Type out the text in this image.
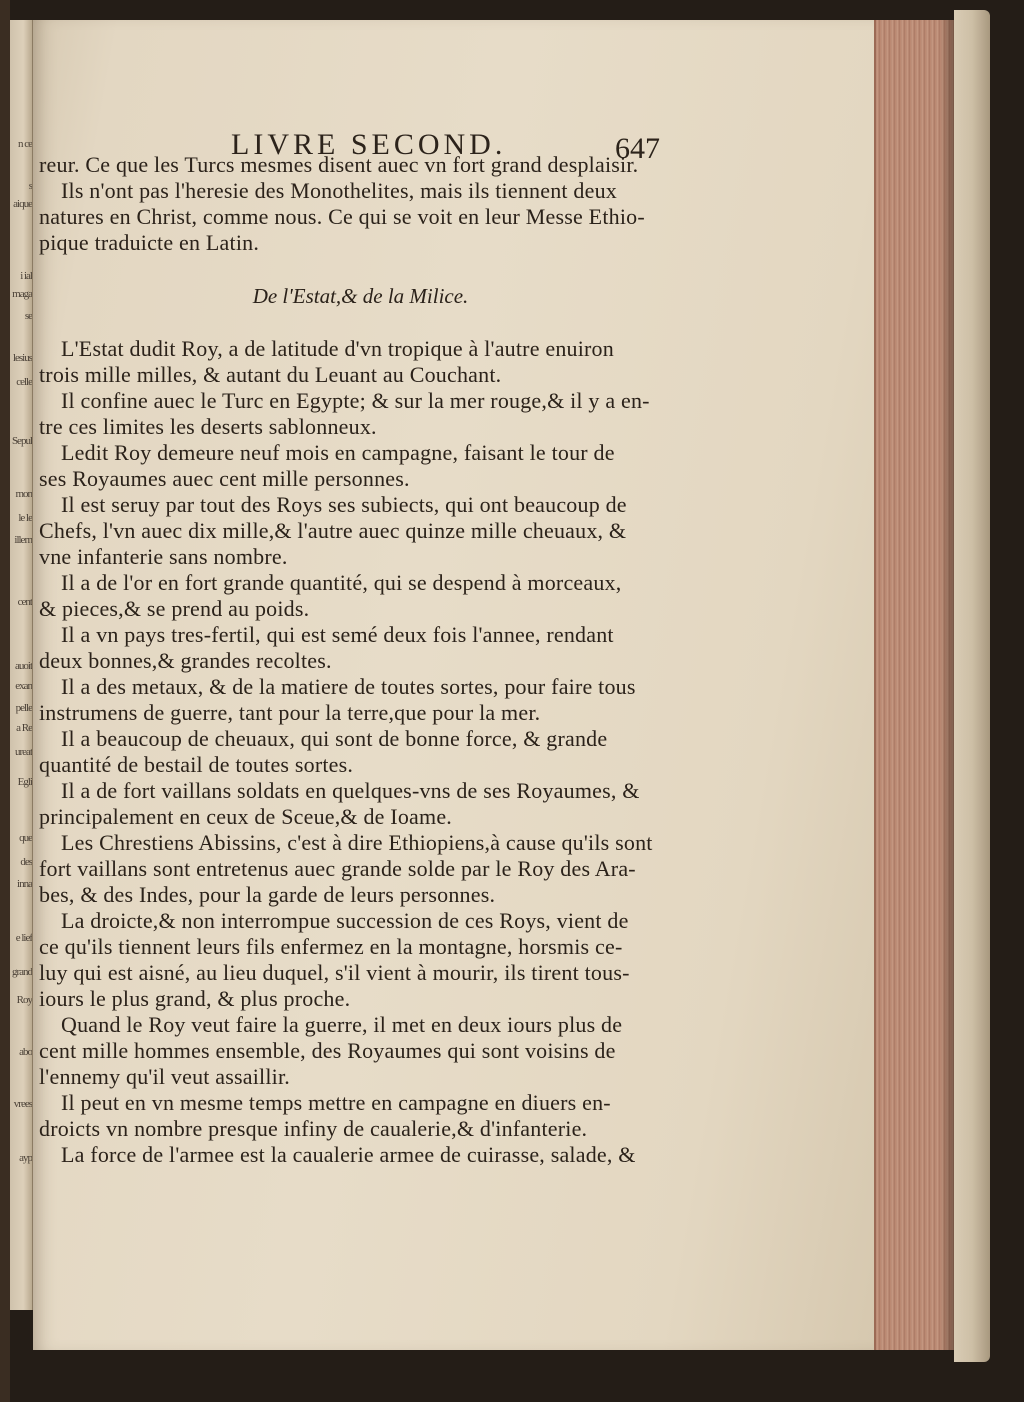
n ce
s
aique
i ial
maga
se
lesius
celle
Sepul
mon
le le
illem
cent
auoit
exan
pelle
a Re
ureat
Egli
que
des
inna
e lief
grand
Roy
abo
vrees
ayp
LIVRE SECOND.	647
reur. Ce que les Turcs mesmes disent auec vn fort grand desplaisir.
Ils n'ont pas l'heresie des Monothelites, mais ils tiennent deux
natures en Christ, comme nous. Ce qui se voit en leur Messe Ethio-
pique traduicte en Latin.
De l'Estat,& de la Milice.
L'Estat dudit Roy, a de latitude d'vn tropique à l'autre enuiron
trois mille milles, & autant du Leuant au Couchant.
Il confine auec le Turc en Egypte; & sur la mer rouge,& il y a en-
tre ces limites les deserts sablonneux.
Ledit Roy demeure neuf mois en campagne, faisant le tour de
ses Royaumes auec cent mille personnes.
Il est seruy par tout des Roys ses subiects, qui ont beaucoup de
Chefs, l'vn auec dix mille,& l'autre auec quinze mille cheuaux, &
vne infanterie sans nombre.
Il a de l'or en fort grande quantité, qui se despend à morceaux,
& pieces,& se prend au poids.
Il a vn pays tres-fertil, qui est semé deux fois l'annee, rendant
deux bonnes,& grandes recoltes.
Il a des metaux, & de la matiere de toutes sortes, pour faire tous
instrumens de guerre, tant pour la terre,que pour la mer.
Il a beaucoup de cheuaux, qui sont de bonne force, & grande
quantité de bestail de toutes sortes.
Il a de fort vaillans soldats en quelques-vns de ses Royaumes, &
principalement en ceux de Sceue,& de Ioame.
Les Chrestiens Abissins, c'est à dire Ethiopiens,à cause qu'ils sont
fort vaillans sont entretenus auec grande solde par le Roy des Ara-
bes, & des Indes, pour la garde de leurs personnes.
La droicte,& non interrompue succession de ces Roys, vient de
ce qu'ils tiennent leurs fils enfermez en la montagne, horsmis ce-
luy qui est aisné, au lieu duquel, s'il vient à mourir, ils tirent tous-
iours le plus grand, & plus proche.
Quand le Roy veut faire la guerre, il met en deux iours plus de
cent mille hommes ensemble, des Royaumes qui sont voisins de
l'ennemy qu'il veut assaillir.
Il peut en vn mesme temps mettre en campagne en diuers en-
droicts vn nombre presque infiny de caualerie,& d'infanterie.
La force de l'armee est la caualerie armee de cuirasse, salade, &
